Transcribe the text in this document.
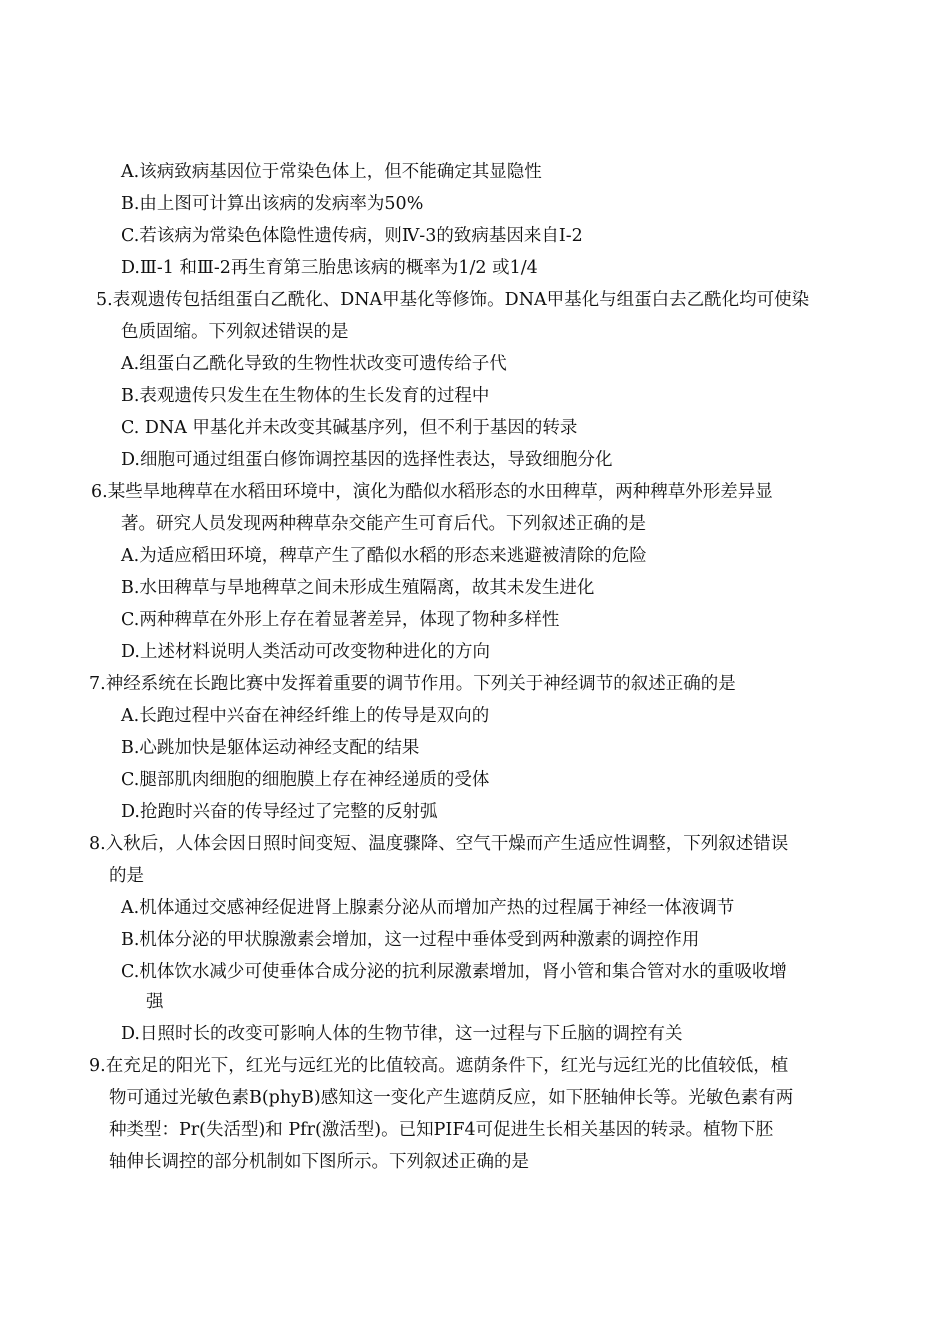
A.该病致病基因位于常染色体上，但不能确定其显隐性
B.由上图可计算出该病的发病率为50%
C.若该病为常染色体隐性遗传病，则Ⅳ-3的致病基因来自Ⅰ-2
D.Ⅲ-1 和Ⅲ-2再生育第三胎患该病的概率为1/2 或1/4
5.表观遗传包括组蛋白乙酰化、DNA甲基化等修饰。DNA甲基化与组蛋白去乙酰化均可使染
色质固缩。下列叙述错误的是
A.组蛋白乙酰化导致的生物性状改变可遗传给子代
B.表观遗传只发生在生物体的生长发育的过程中
C. DNA 甲基化并未改变其碱基序列，但不利于基因的转录
D.细胞可通过组蛋白修饰调控基因的选择性表达，导致细胞分化
6.某些旱地稗草在水稻田环境中，演化为酷似水稻形态的水田稗草，两种稗草外形差异显
著。研究人员发现两种稗草杂交能产生可育后代。下列叙述正确的是
A.为适应稻田环境，稗草产生了酷似水稻的形态来逃避被清除的危险
B.水田稗草与旱地稗草之间未形成生殖隔离，故其未发生进化
C.两种稗草在外形上存在着显著差异，体现了物种多样性
D.上述材料说明人类活动可改变物种进化的方向
7.神经系统在长跑比赛中发挥着重要的调节作用。下列关于神经调节的叙述正确的是
A.长跑过程中兴奋在神经纤维上的传导是双向的
B.心跳加快是躯体运动神经支配的结果
C.腿部肌肉细胞的细胞膜上存在神经递质的受体
D.抢跑时兴奋的传导经过了完整的反射弧
8.入秋后，人体会因日照时间变短、温度骤降、空气干燥而产生适应性调整，下列叙述错误
的是
A.机体通过交感神经促进肾上腺素分泌从而增加产热的过程属于神经一体液调节
B.机体分泌的甲状腺激素会增加，这一过程中垂体受到两种激素的调控作用
C.机体饮水减少可使垂体合成分泌的抗利尿激素增加，肾小管和集合管对水的重吸收增
强
D.日照时长的改变可影响人体的生物节律，这一过程与下丘脑的调控有关
9.在充足的阳光下，红光与远红光的比值较高。遮荫条件下，红光与远红光的比值较低，植
物可通过光敏色素B(phyB)感知这一变化产生遮荫反应，如下胚轴伸长等。光敏色素有两
种类型：Pr(失活型)和 Pfr(激活型)。已知PIF4可促进生长相关基因的转录。植物下胚
轴伸长调控的部分机制如下图所示。下列叙述正确的是
